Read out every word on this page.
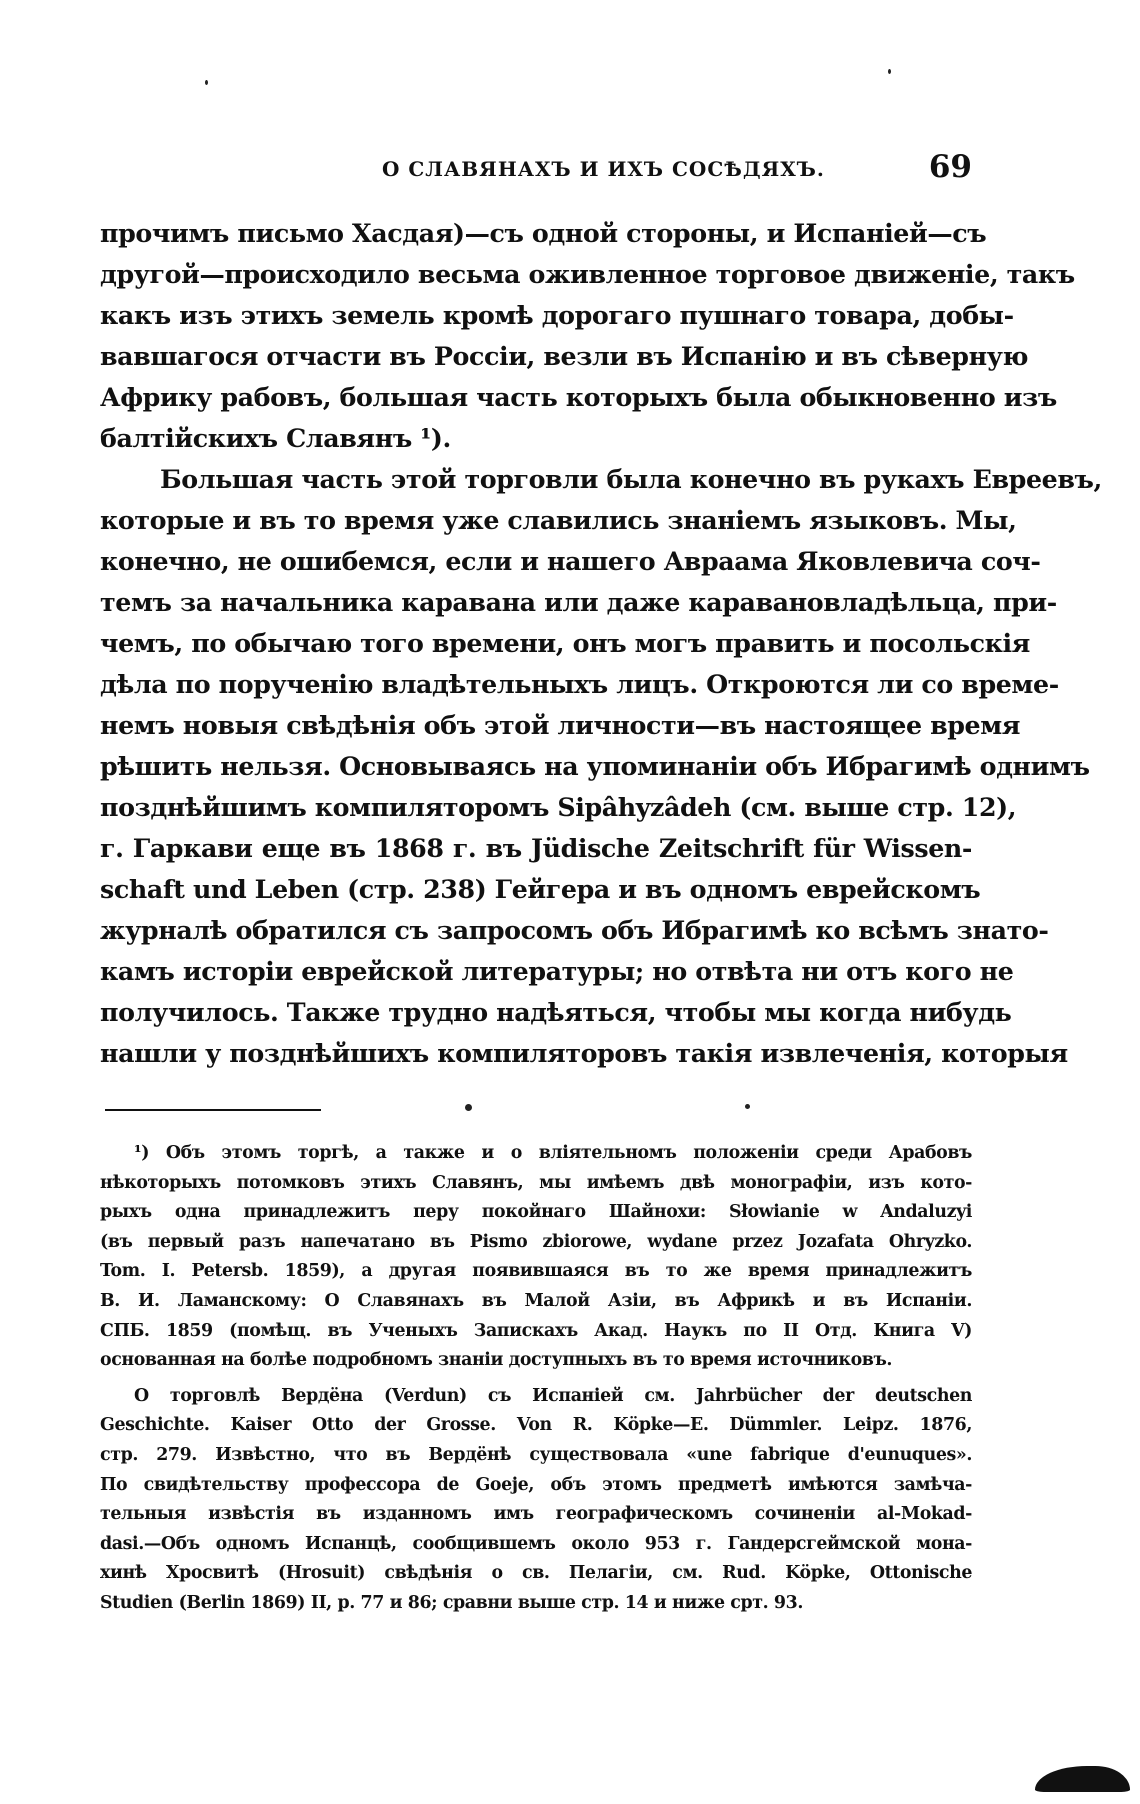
О СЛАВЯНАХЪ И ИХЪ СОСѢДЯХЪ.	69
прочимъ письмо Хасдая)—съ одной стороны, и Испаніей—съ
другой—происходило весьма оживленное торговое движеніе, такъ
какъ изъ этихъ земель кромѣ дорогаго пушнаго товара, добы-
вавшагося отчасти въ Россіи, везли въ Испанію и въ сѣверную
Африку рабовъ, большая часть которыхъ была обыкновенно изъ
балтійскихъ Славянъ ¹).
Большая часть этой торговли была конечно въ рукахъ Евреевъ,
которые и въ то время уже славились знаніемъ языковъ. Мы,
конечно, не ошибемся, если и нашего Авраама Яковлевича соч-
темъ за начальника каравана или даже каравановладѣльца, при-
чемъ, по обычаю того времени, онъ могъ править и посольскія
дѣла по порученію владѣтельныхъ лицъ. Откроются ли со време-
немъ новыя свѣдѣнія объ этой личности—въ настоящее время
рѣшить нельзя. Основываясь на упоминаніи объ Ибрагимѣ однимъ
позднѣйшимъ компиляторомъ Sipâhyzâdeh (см. выше стр. 12),
г. Гаркави еще въ 1868 г. въ Jüdische Zeitschrift für Wissen-
schaft und Leben (стр. 238) Гейгера и въ одномъ еврейскомъ
журналѣ обратился съ запросомъ объ Ибрагимѣ ко всѣмъ знато-
камъ исторіи еврейской литературы; но отвѣта ни отъ кого не
получилось. Также трудно надѣяться, чтобы мы когда нибудь
нашли у позднѣйшихъ компиляторовъ такія извлеченія, которыя
¹) Объ этомъ торгѣ, а также и о вліятельномъ положеніи среди Арабовъ
нѣкоторыхъ потомковъ этихъ Славянъ, мы имѣемъ двѣ монографіи, изъ кото-
рыхъ одна принадлежитъ перу покойнаго Шайнохи: Słowianie w Andaluzyi
(въ первый разъ напечатано въ Pismo zbiorowe, wydane przez Jozafata Ohryzko.
Tom. I. Petersb. 1859), а другая появившаяся въ то же время принадлежитъ
В. И. Ламанскому: О Славянахъ въ Малой Азіи, въ Африкѣ и въ Испаніи.
СПБ. 1859 (помѣщ. въ Ученыхъ Запискахъ Акад. Наукъ по II Отд. Книга V)
основанная на болѣе подробномъ знаніи доступныхъ въ то время источниковъ.
О торговлѣ Вердёна (Verdun) съ Испаніей см. Jahrbücher der deutschen
Geschichte. Kaiser Otto der Grosse. Von R. Köpke—E. Dümmler. Leipz. 1876,
стр. 279. Извѣстно, что въ Вердёнѣ существовала «une fabrique d'eunuques».
По свидѣтельству профессора de Goeje, объ этомъ предметѣ имѣются замѣча-
тельныя извѣстія въ изданномъ имъ географическомъ сочиненіи al-Mokad-
dasi.—Объ одномъ Испанцѣ, сообщившемъ около 953 г. Гандерсгеймской мона-
хинѣ Хросвитѣ (Hrosuit) свѣдѣнія о св. Пелагіи, см. Rud. Köpke, Ottonische
Studien (Berlin 1869) II, p. 77 и 86; сравни выше стр. 14 и ниже срт. 93.
